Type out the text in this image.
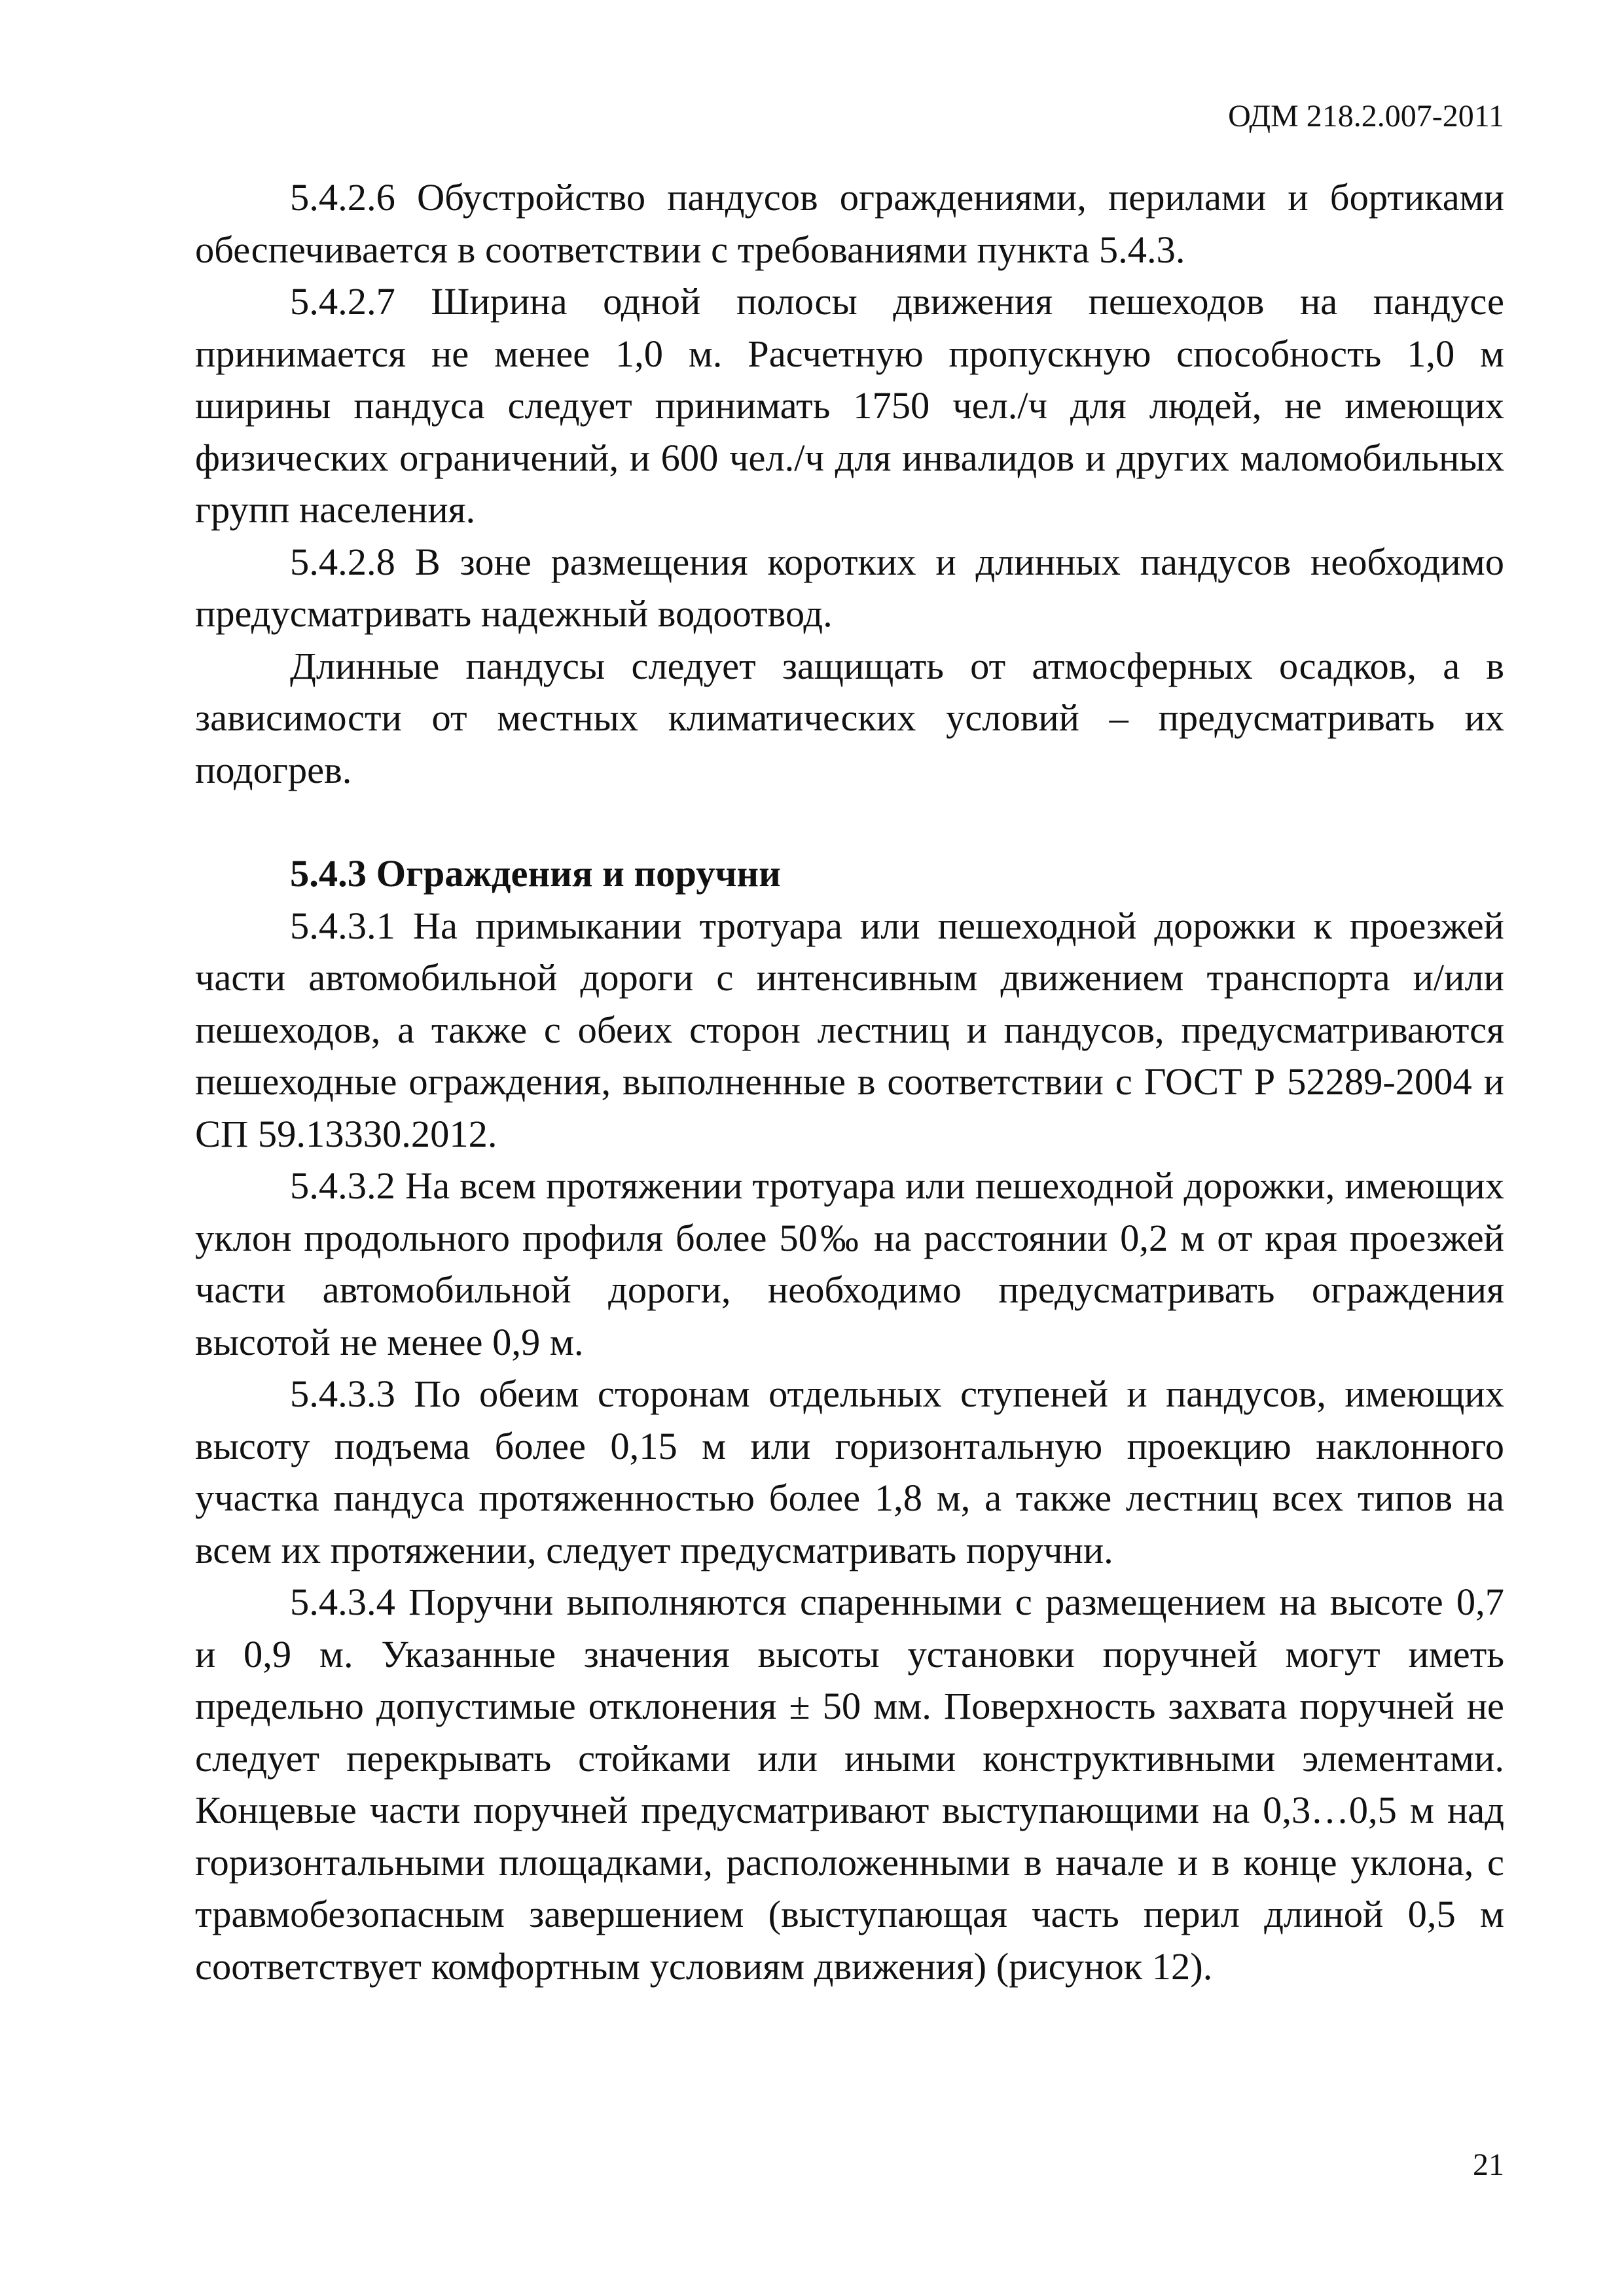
ОДМ 218.2.007-2011

5.4.2.6 Обустройство пандусов ограждениями, перилами и бортиками обеспечивается в соответствии с требованиями пункта 5.4.3.

5.4.2.7 Ширина одной полосы движения пешеходов на пандусе принимается не менее 1,0 м. Расчетную пропускную способность 1,0 м ширины пандуса следует принимать 1750 чел./ч для людей, не имеющих физических ограничений, и 600 чел./ч для инвалидов и других маломобильных групп населения.

5.4.2.8 В зоне размещения коротких и длинных пандусов необходимо предусматривать надежный водоотвод.

Длинные пандусы следует защищать от атмосферных осадков, а в зависимости от местных климатических условий – предусматривать их подогрев.

5.4.3 Ограждения и поручни

5.4.3.1 На примыкании тротуара или пешеходной дорожки к проезжей части автомобильной дороги с интенсивным движением транспорта и/или пешеходов, а также с обеих сторон лестниц и пандусов, предусматриваются пешеходные ограждения, выполненные в соответствии с ГОСТ Р 52289-2004 и СП 59.13330.2012.

5.4.3.2 На всем протяжении тротуара или пешеходной дорожки, имеющих уклон продольного профиля более 50‰ на расстоянии 0,2 м от края проезжей части автомобильной дороги, необходимо предусматривать ограждения высотой не менее 0,9 м.

5.4.3.3 По обеим сторонам отдельных ступеней и пандусов, имеющих высоту подъема более 0,15 м или горизонтальную проекцию наклонного участка пандуса протяженностью более 1,8 м, а также лестниц всех типов на всем их протяжении, следует предусматривать поручни.

5.4.3.4 Поручни выполняются спаренными с размещением на высоте 0,7 и 0,9 м. Указанные значения высоты установки поручней могут иметь предельно допустимые отклонения ± 50 мм. Поверхность захвата поручней не следует перекрывать стойками или иными конструктивными элементами. Концевые части поручней предусматривают выступающими на 0,3…0,5 м над горизонтальными площадками, расположенными в начале и в конце уклона, с травмобезопасным завершением (выступающая часть перил длиной 0,5 м соответствует комфортным условиям движения) (рисунок 12).

21
